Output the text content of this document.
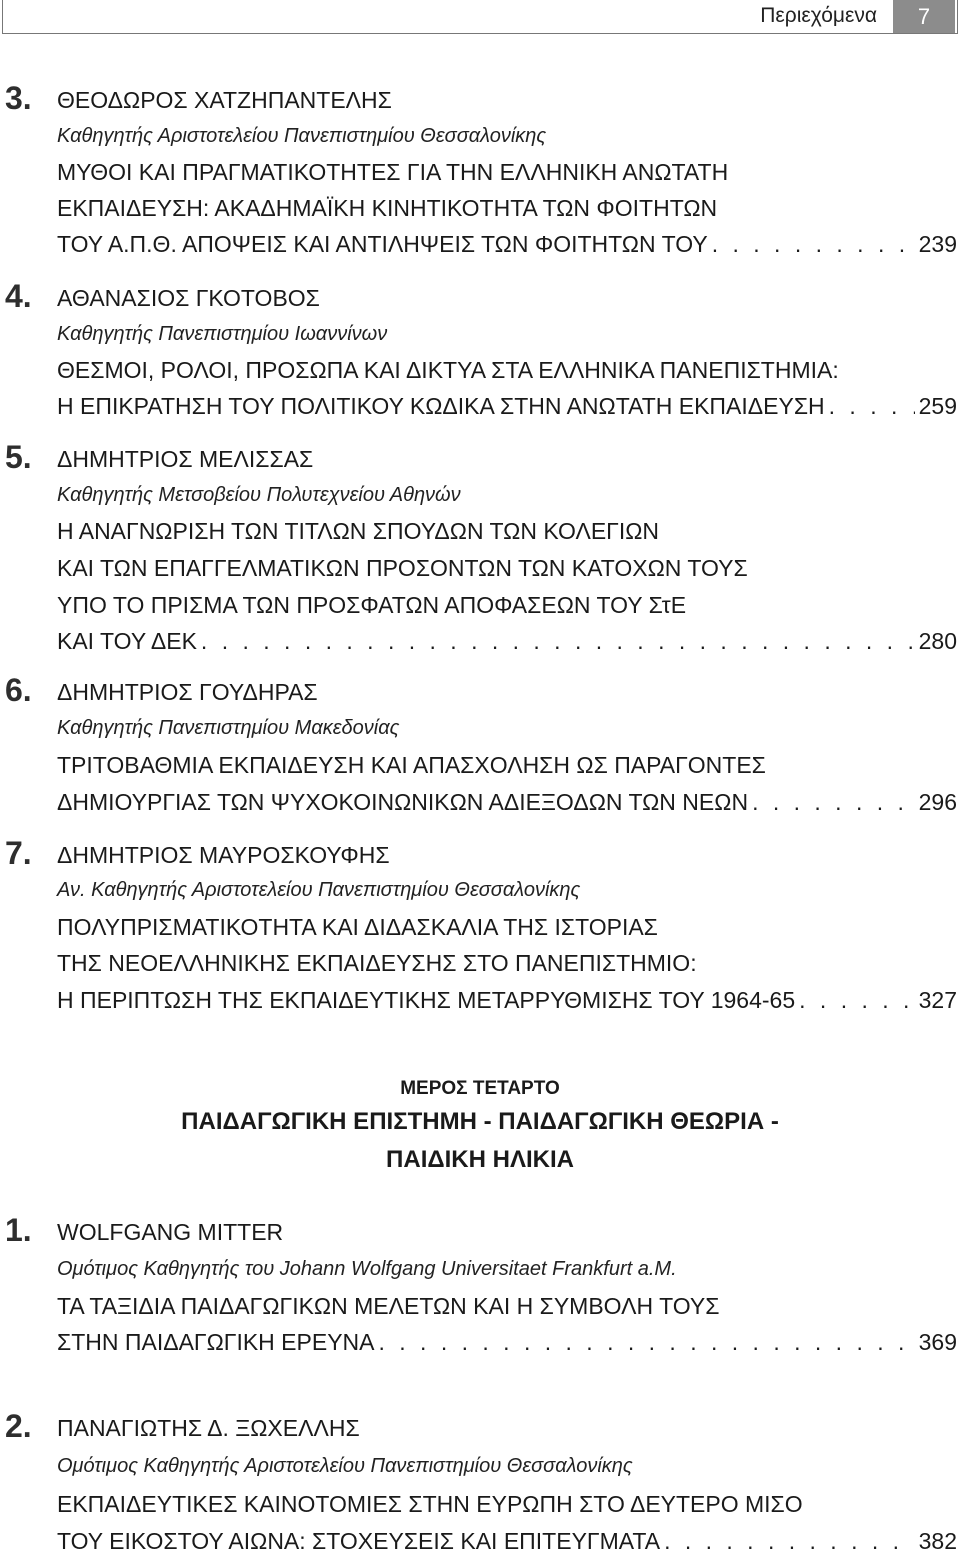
Περιεχόμενα	7
3. ΘΕΟΔΩΡΟΣ ΧΑΤΖΗΠΑΝΤΕΛΗΣ
Καθηγητής Αριστοτελείου Πανεπιστημίου Θεσσαλονίκης
ΜΥΘΟΙ ΚΑΙ ΠΡΑΓΜΑΤΙΚΟΤΗΤΕΣ ΓΙΑ ΤΗΝ ΕΛΛΗΝΙΚΗ ΑΝΩΤΑΤΗ
ΕΚΠΑΙΔΕΥΣΗ: ΑΚΑΔΗΜΑΪΚΗ ΚΙΝΗΤΙΚΟΤΗΤΑ ΤΩΝ ΦΟΙΤΗΤΩΝ
ΤΟΥ Α.Π.Θ. ΑΠΟΨΕΙΣ ΚΑΙ ΑΝΤΙΛΗΨΕΙΣ ΤΩΝ ΦΟΙΤΗΤΩΝ ΤΟΥ . . .	239
4. ΑΘΑΝΑΣΙΟΣ ΓΚΟΤΟΒΟΣ
Καθηγητής Πανεπιστημίου Ιωαννίνων
ΘΕΣΜΟΙ, ΡΟΛΟΙ, ΠΡΟΣΩΠΑ ΚΑΙ ΔΙΚΤΥΑ ΣΤΑ ΕΛΛΗΝΙΚΑ ΠΑΝΕΠΙΣΤΗΜΙΑ:
Η ΕΠΙΚΡΑΤΗΣΗ ΤΟΥ ΠΟΛΙΤΙΚΟΥ ΚΩΔΙΚΑ ΣΤΗΝ ΑΝΩΤΑΤΗ ΕΚΠΑΙΔΕΥΣΗ . . .	259
5. ΔΗΜΗΤΡΙΟΣ ΜΕΛΙΣΣΑΣ
Καθηγητής Μετσοβείου Πολυτεχνείου Αθηνών
Η ΑΝΑΓΝΩΡΙΣΗ ΤΩΝ ΤΙΤΛΩΝ ΣΠΟΥΔΩΝ ΤΩΝ ΚΟΛΕΓΙΩΝ
ΚΑΙ ΤΩΝ ΕΠΑΓΓΕΛΜΑΤΙΚΩΝ ΠΡΟΣΟΝΤΩΝ ΤΩΝ ΚΑΤΟΧΩΝ ΤΟΥΣ
ΥΠΟ ΤΟ ΠΡΙΣΜΑ ΤΩΝ ΠΡΟΣΦΑΤΩΝ ΑΠΟΦΑΣΕΩΝ ΤΟΥ ΣτΕ
ΚΑΙ ΤΟΥ ΔΕΚ . . .	280
6. ΔΗΜΗΤΡΙΟΣ ΓΟΥΔΗΡΑΣ
Καθηγητής Πανεπιστημίου Μακεδονίας
ΤΡΙΤΟΒΑΘΜΙΑ ΕΚΠΑΙΔΕΥΣΗ ΚΑΙ ΑΠΑΣΧΟΛΗΣΗ ΩΣ ΠΑΡΑΓΟΝΤΕΣ
ΔΗΜΙΟΥΡΓΙΑΣ ΤΩΝ ΨΥΧΟΚΟΙΝΩΝΙΚΩΝ ΑΔΙΕΞΟΔΩΝ ΤΩΝ ΝΕΩΝ . . .	296
7. ΔΗΜΗΤΡΙΟΣ ΜΑΥΡΟΣΚΟΥΦΗΣ
Αν. Καθηγητής Αριστοτελείου Πανεπιστημίου Θεσσαλονίκης
ΠΟΛΥΠΡΙΣΜΑΤΙΚΟΤΗΤΑ ΚΑΙ ΔΙΔΑΣΚΑΛΙΑ ΤΗΣ ΙΣΤΟΡΙΑΣ
ΤΗΣ ΝΕΟΕΛΛΗΝΙΚΗΣ ΕΚΠΑΙΔΕΥΣΗΣ ΣΤΟ ΠΑΝΕΠΙΣΤΗΜΙΟ:
Η ΠΕΡΙΠΤΩΣΗ ΤΗΣ ΕΚΠΑΙΔΕΥΤΙΚΗΣ ΜΕΤΑΡΡΥΘΜΙΣΗΣ ΤΟΥ 1964-65 . . .	327
ΜΕΡΟΣ ΤΕΤΑΡΤΟ
ΠΑΙΔΑΓΩΓΙΚΗ ΕΠΙΣΤΗΜΗ - ΠΑΙΔΑΓΩΓΙΚΗ ΘΕΩΡΙΑ -
ΠΑΙΔΙΚΗ ΗΛΙΚΙΑ
1. WOLFGANG MITTER
Ομότιμος Καθηγητής του Johann Wolfgang Universitaet Frankfurt a.M.
ΤΑ ΤΑΞΙΔΙΑ ΠΑΙΔΑΓΩΓΙΚΩΝ ΜΕΛΕΤΩΝ ΚΑΙ Η ΣΥΜΒΟΛΗ ΤΟΥΣ
ΣΤΗΝ ΠΑΙΔΑΓΩΓΙΚΗ ΕΡΕΥΝΑ . . .	369
2. ΠΑΝΑΓΙΩΤΗΣ Δ. ΞΩΧΕΛΛΗΣ
Ομότιμος Καθηγητής Αριστοτελείου Πανεπιστημίου Θεσσαλονίκης
ΕΚΠΑΙΔΕΥΤΙΚΕΣ ΚΑΙΝΟΤΟΜΙΕΣ ΣΤΗΝ ΕΥΡΩΠΗ ΣΤΟ ΔΕΥΤΕΡΟ ΜΙΣΟ
ΤΟΥ ΕΙΚΟΣΤΟΥ ΑΙΩΝΑ: ΣΤΟΧΕΥΣΕΙΣ ΚΑΙ ΕΠΙΤΕΥΓΜΑΤΑ . . .	382
